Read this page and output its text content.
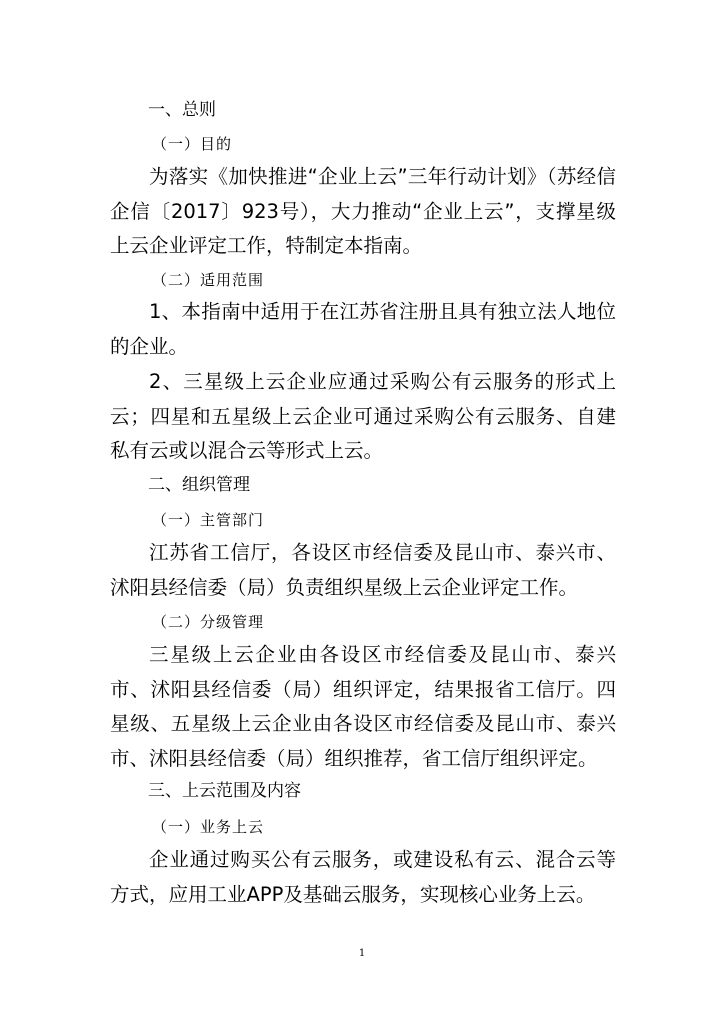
一、总则
（一）目的

为落实《加快推进“企业上云”三年行动计划》（苏经信企信〔2017〕923号），大力推动“企业上云”，支撑星级上云企业评定工作，特制定本指南。

（二）适用范围

1、本指南中适用于在江苏省注册且具有独立法人地位的企业。

2、三星级上云企业应通过采购公有云服务的形式上云；四星和五星级上云企业可通过采购公有云服务、自建私有云或以混合云等形式上云。

二、组织管理
（一）主管部门

江苏省工信厅，各设区市经信委及昆山市、泰兴市、沭阳县经信委（局）负责组织星级上云企业评定工作。

（二）分级管理

三星级上云企业由各设区市经信委及昆山市、泰兴市、沭阳县经信委（局）组织评定，结果报省工信厅。四星级、五星级上云企业由各设区市经信委及昆山市、泰兴市、沭阳县经信委（局）组织推荐，省工信厅组织评定。

三、上云范围及内容
（一）业务上云

企业通过购买公有云服务，或建设私有云、混合云等方式，应用工业APP及基础云服务，实现核心业务上云。

1
